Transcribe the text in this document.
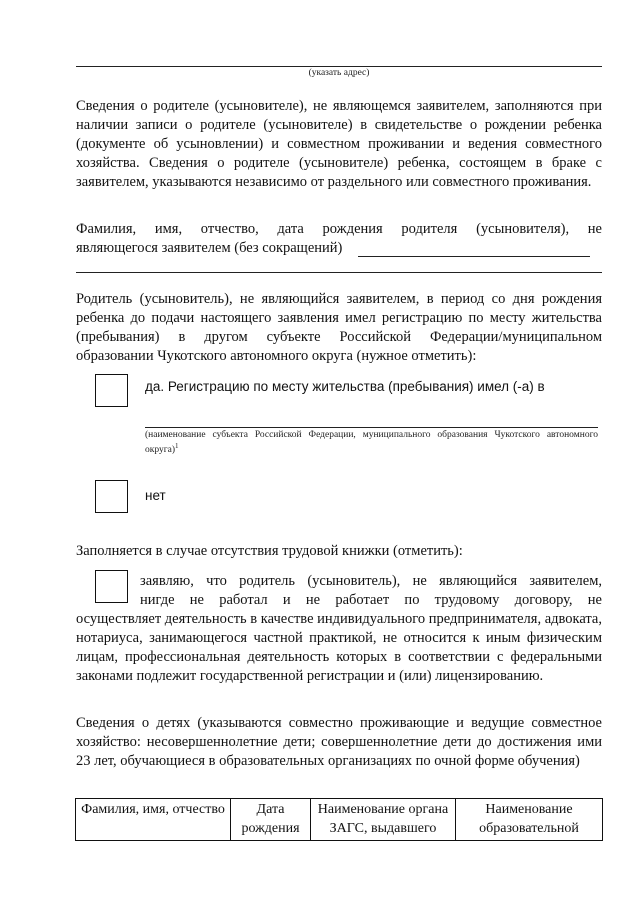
(указать адрес)
Сведения о родителе (усыновителе), не являющемся заявителем, заполняются при наличии записи о родителе (усыновителе) в свидетельстве о рождении ребенка (документе об усыновлении) и совместном проживании и ведения совместного хозяйства. Сведения о родителе (усыновителе) ребенка, состоящем в браке с заявителем, указываются независимо от раздельного или совместного проживания.
Фамилия, имя, отчество, дата рождения родителя (усыновителя), не
являющегося заявителем (без сокращений)
Родитель (усыновитель), не являющийся заявителем, в период со дня рождения ребенка до подачи настоящего заявления имел регистрацию по месту жительства (пребывания) в другом субъекте Российской Федерации/муниципальном образовании Чукотского автономного округа (нужное отметить):
да. Регистрацию по месту жительства (пребывания) имел (-а) в
(наименование субъекта Российской Федерации, муниципального образования Чукотского автономного округа)$^1$
нет
Заполняется в случае отсутствия трудовой книжки (отметить):
заявляю, что родитель (усыновитель), не являющийся заявителем,
нигде не работал и не работает по трудовому договору, не
осуществляет деятельность в качестве индивидуального предпринимателя, адвоката, нотариуса, занимающегося частной практикой, не относится к иным физическим лицам, профессиональная деятельность которых в соответствии с федеральными законами подлежит государственной регистрации и (или) лицензированию.
Сведения о детях (указываются совместно проживающие и ведущие совместное хозяйство: несовершеннолетние дети; совершеннолетние дети до достижения ими 23 лет, обучающиеся в образовательных организациях по очной форме обучения)
Фамилия, имя, отчество	Дата рождения	Наименование органа ЗАГС, выдавшего	Наименование образовательной
